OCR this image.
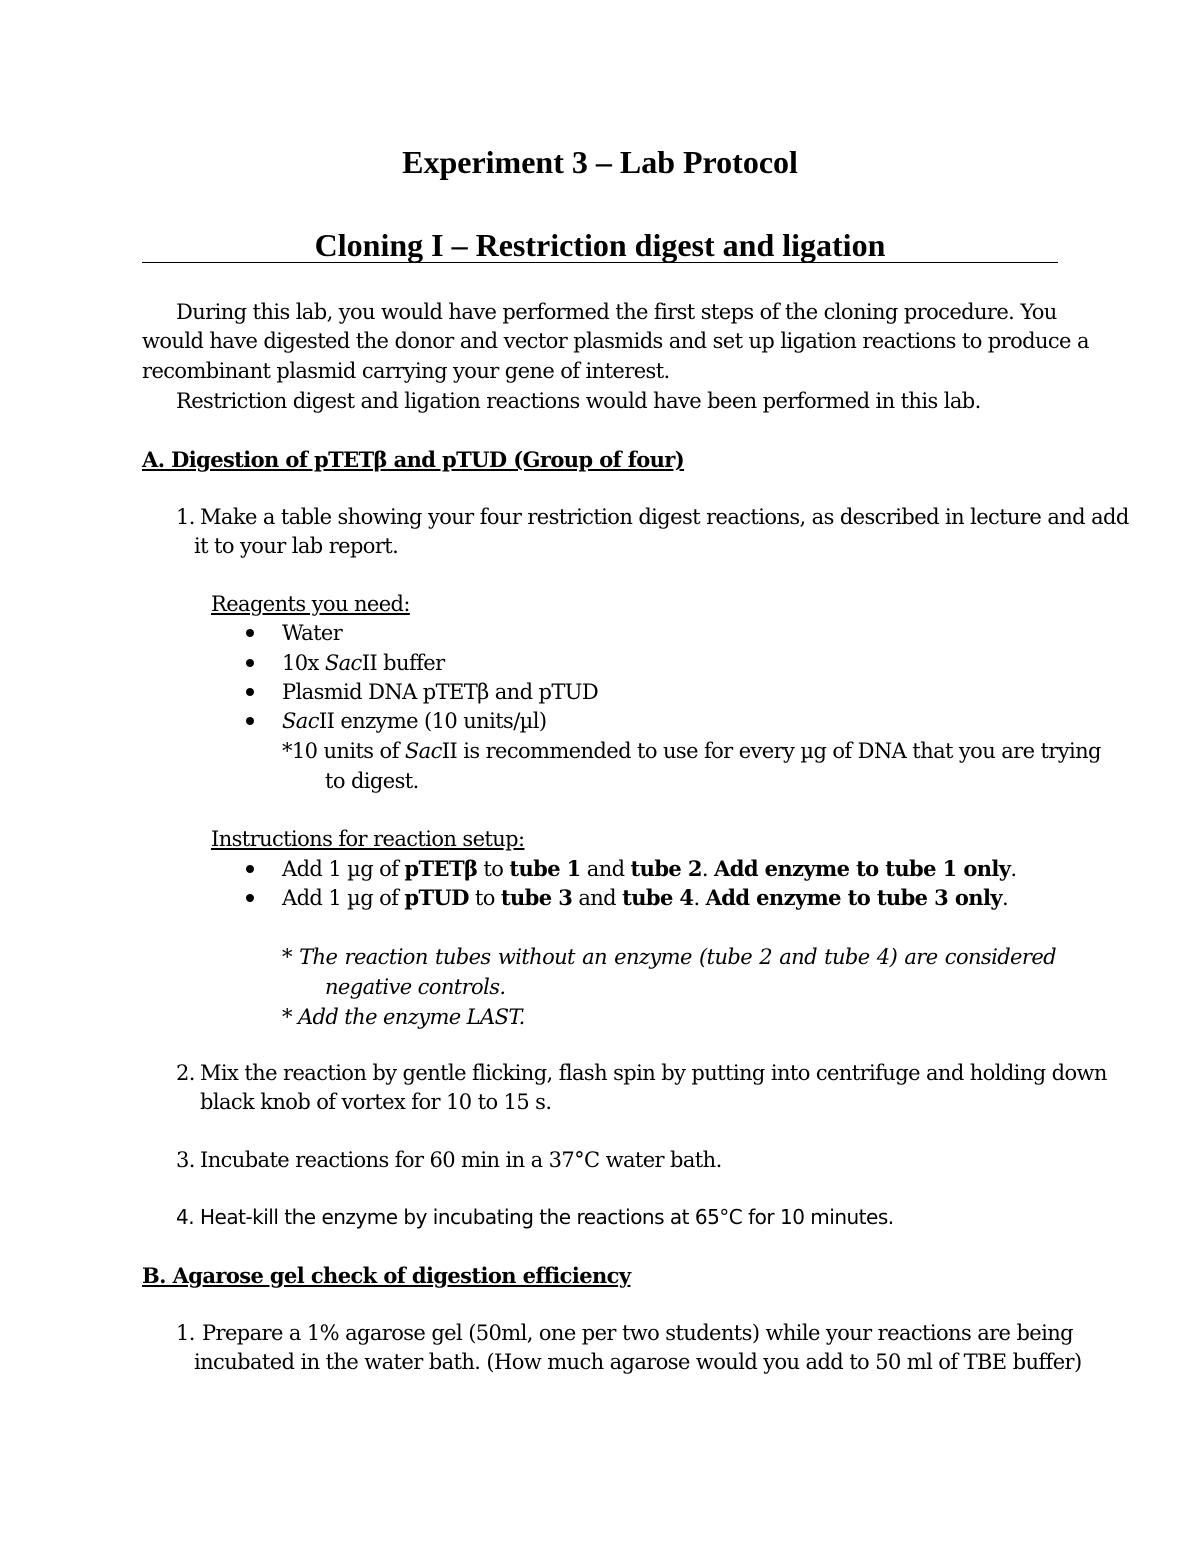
Experiment 3 – Lab Protocol
Cloning I – Restriction digest and ligation
During this lab, you would have performed the first steps of the cloning procedure. You
would have digested the donor and vector plasmids and set up ligation reactions to produce a
recombinant plasmid carrying your gene of interest.
Restriction digest and ligation reactions would have been performed in this lab.
A. Digestion of pTETβ and pTUD (Group of four)
1. Make a table showing your four restriction digest reactions, as described in lecture and add
it to your lab report.
Reagents you need:
Water
10x SacII buffer
Plasmid DNA pTETβ and pTUD
SacII enzyme (10 units/µl)
*10 units of SacII is recommended to use for every µg of DNA that you are trying
to digest.
Instructions for reaction setup:
Add 1 µg of pTETβ to tube 1 and tube 2. Add enzyme to tube 1 only.
Add 1 µg of pTUD to tube 3 and tube 4. Add enzyme to tube 3 only.
* The reaction tubes without an enzyme (tube 2 and tube 4) are considered
negative controls.
* Add the enzyme LAST.
2. Mix the reaction by gentle flicking, flash spin by putting into centrifuge and holding down
black knob of vortex for 10 to 15 s.
3. Incubate reactions for 60 min in a 37°C water bath.
4. Heat-kill the enzyme by incubating the reactions at 65°C for 10 minutes.
B. Agarose gel check of digestion efficiency
1. Prepare a 1% agarose gel (50ml, one per two students) while your reactions are being
incubated in the water bath. (How much agarose would you add to 50 ml of TBE buffer)
